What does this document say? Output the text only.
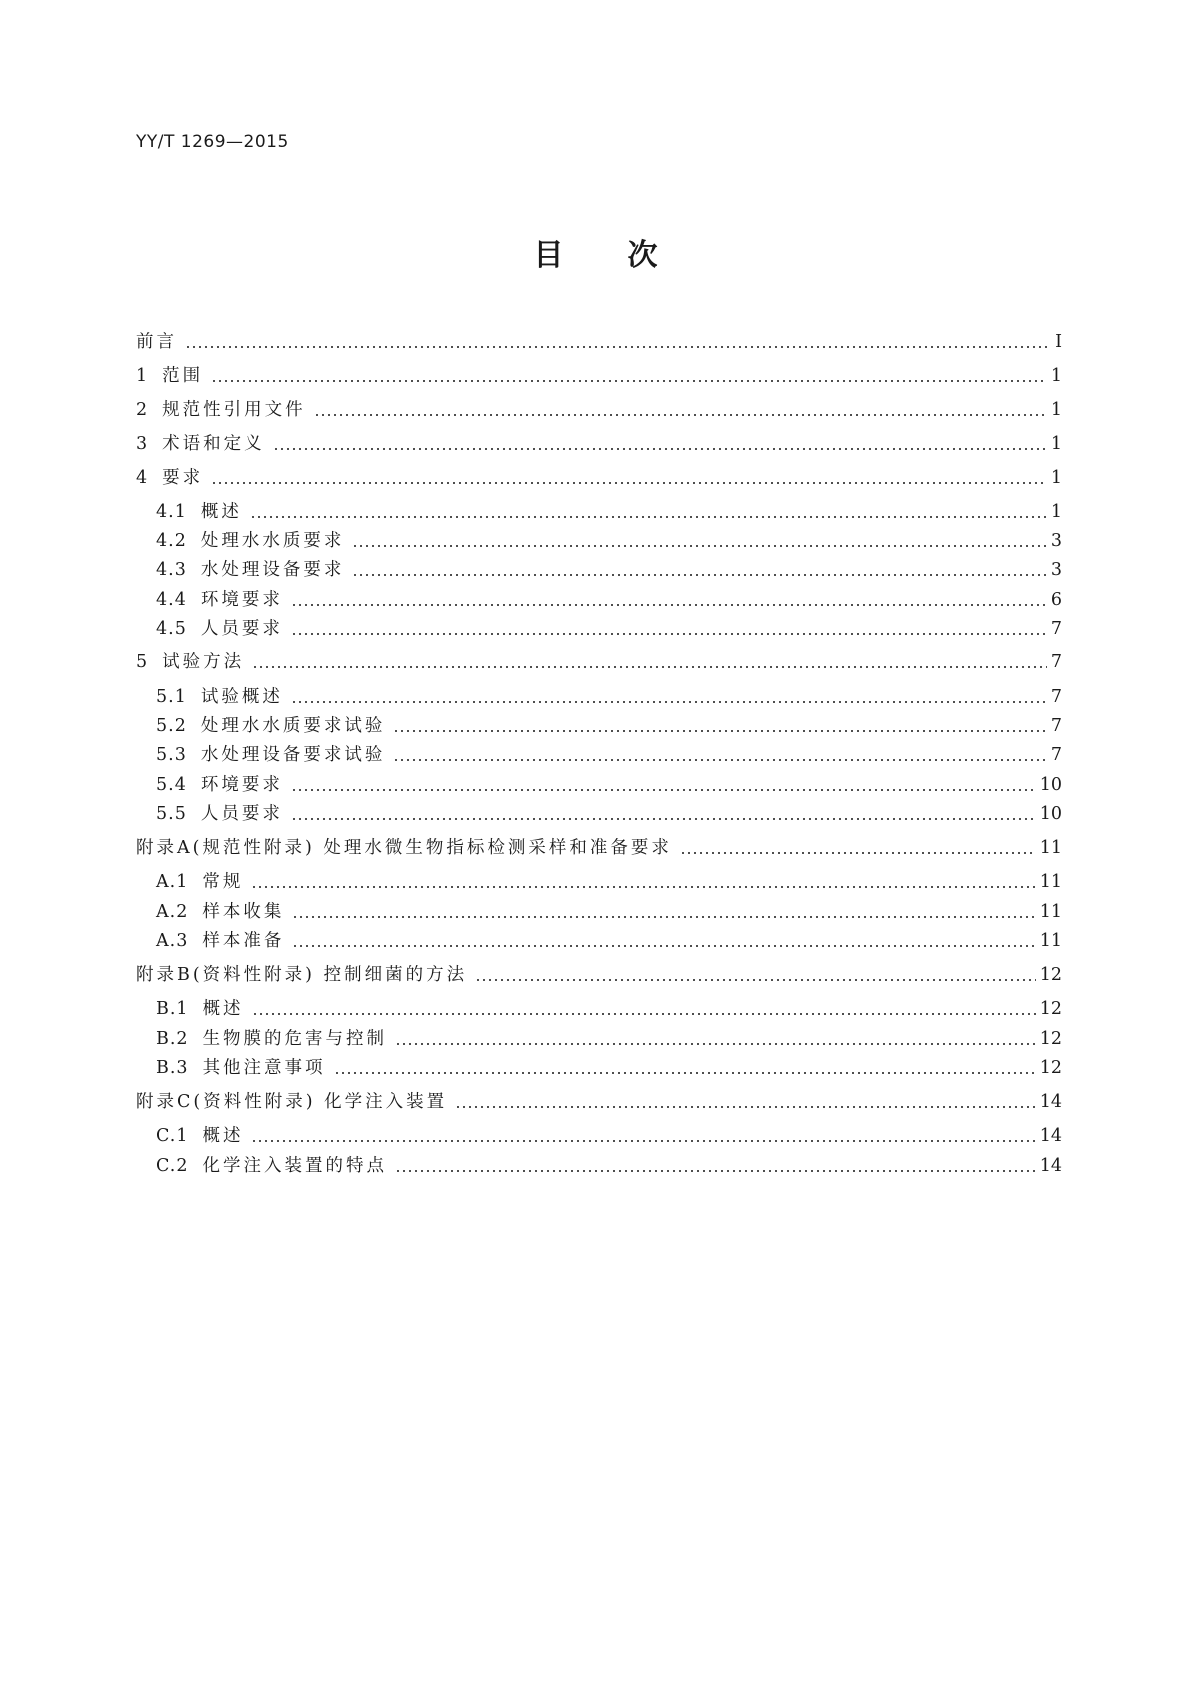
YY/T 1269—2015
目 次
前言	Ⅰ
1 范围	1
2 规范性引用文件	1
3 术语和定义	1
4 要求	1
4.1 概述	1
4.2 处理水水质要求	3
4.3 水处理设备要求	3
4.4 环境要求	6
4.5 人员要求	7
5 试验方法	7
5.1 试验概述	7
5.2 处理水水质要求试验	7
5.3 水处理设备要求试验	7
5.4 环境要求	10
5.5 人员要求	10
附录A(规范性附录) 处理水微生物指标检测采样和准备要求	11
A.1 常规	11
A.2 样本收集	11
A.3 样本准备	11
附录B(资料性附录) 控制细菌的方法	12
B.1 概述	12
B.2 生物膜的危害与控制	12
B.3 其他注意事项	12
附录C(资料性附录) 化学注入装置	14
C.1 概述	14
C.2 化学注入装置的特点	14
